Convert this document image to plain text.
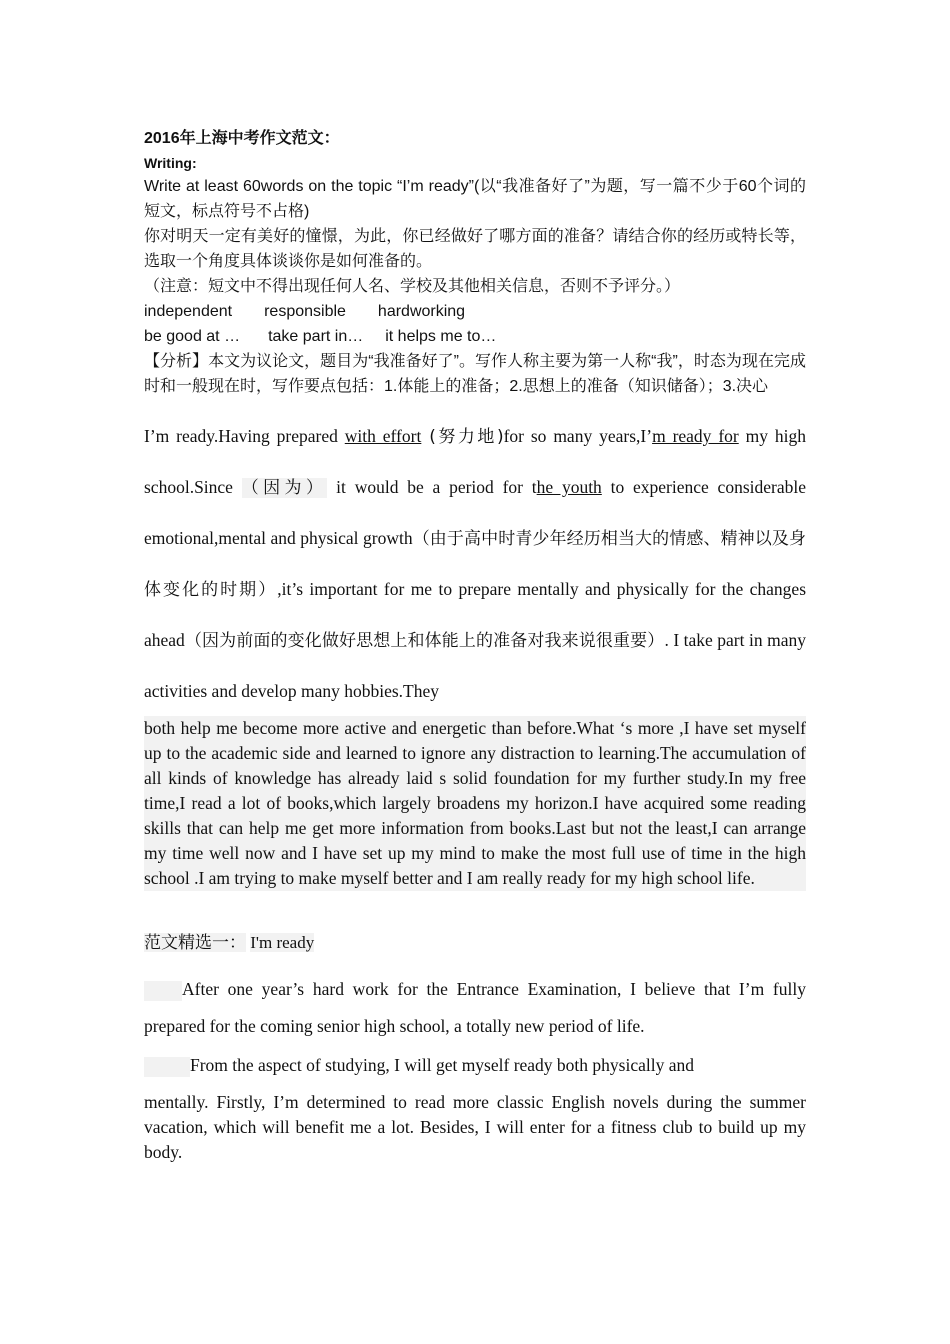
2016年上海中考作文范文：
Writing:
Write at least 60words on the topic “I’m ready”(以“我准备好了”为题，写一篇不少于60个词的短文，标点符号不占格)
你对明天一定有美好的憧憬，为此，你已经做好了哪方面的准备？请结合你的经历或特长等，选取一个角度具体谈谈你是如何准备的。
（注意：短文中不得出现任何人名、学校及其他相关信息，否则不予评分。）
independent responsible hardworking
be good at … take part in… it helps me to…
【分析】本文为议论文，题目为“我准备好了”。写作人称主要为第一人称“我”，时态为现在完成时和一般现在时，写作要点包括：1.体能上的准备；2.思想上的准备（知识储备）；3.决心
I’m ready.Having prepared with effort (努力地)for so many years,I’m ready for my high school.Since （因为） it would be a period for the youth to experience considerable emotional,mental and physical growth（由于高中时青少年经历相当大的情感、精神以及身体变化的时期）,it’s important for me to prepare mentally and physically for the changes ahead（因为前面的变化做好思想上和体能上的准备对我来说很重要）. I take part in many activities and develop many hobbies.They
both help me become more active and energetic than before.What ‘s more ,I have set myself up to the academic side and learned to ignore any distraction to learning.The accumulation of all kinds of knowledge has already laid s solid foundation for my further study.In my free time,I read a lot of books,which largely broadens my horizon.I have acquired some reading skills that can help me get more information from books.Last but not the least,I can arrange my time well now and I have set up my mind to make the most full use of time in the high school .I am trying to make myself better and I am really ready for my high school life.
范文精选一： I'm ready
After one year’s hard work for the Entrance Examination, I believe that I’m fully prepared for the coming senior high school, a totally new period of life.
From the aspect of studying, I will get myself ready both physically and
mentally. Firstly, I’m determined to read more classic English novels during the summer vacation, which will benefit me a lot. Besides, I will enter for a fitness club to build up my body.
